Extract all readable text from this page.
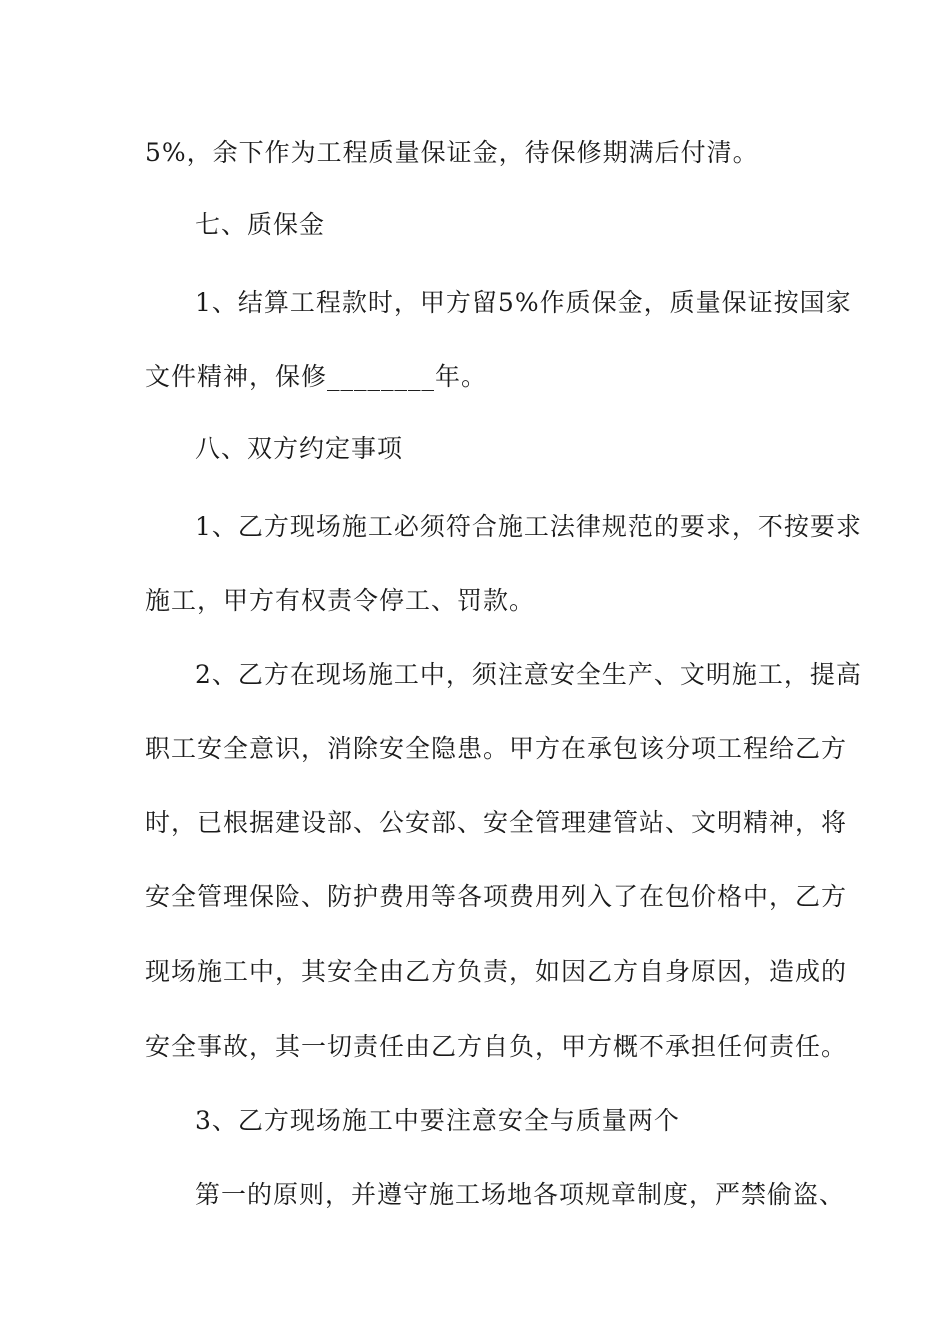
5%，余下作为工程质量保证金，待保修期满后付清。
七、质保金
1、结算工程款时，甲方留5%作质保金，质量保证按国家
文件精神，保修________年。
八、双方约定事项
1、乙方现场施工必须符合施工法律规范的要求，不按要求
施工，甲方有权责令停工、罚款。
2、乙方在现场施工中，须注意安全生产、文明施工，提高
职工安全意识，消除安全隐患。甲方在承包该分项工程给乙方
时，已根据建设部、公安部、安全管理建管站、文明精神，将
安全管理保险、防护费用等各项费用列入了在包价格中，乙方
现场施工中，其安全由乙方负责，如因乙方自身原因，造成的
安全事故，其一切责任由乙方自负，甲方概不承担任何责任。
3、乙方现场施工中要注意安全与质量两个
第一的原则，并遵守施工场地各项规章制度，严禁偷盗、
